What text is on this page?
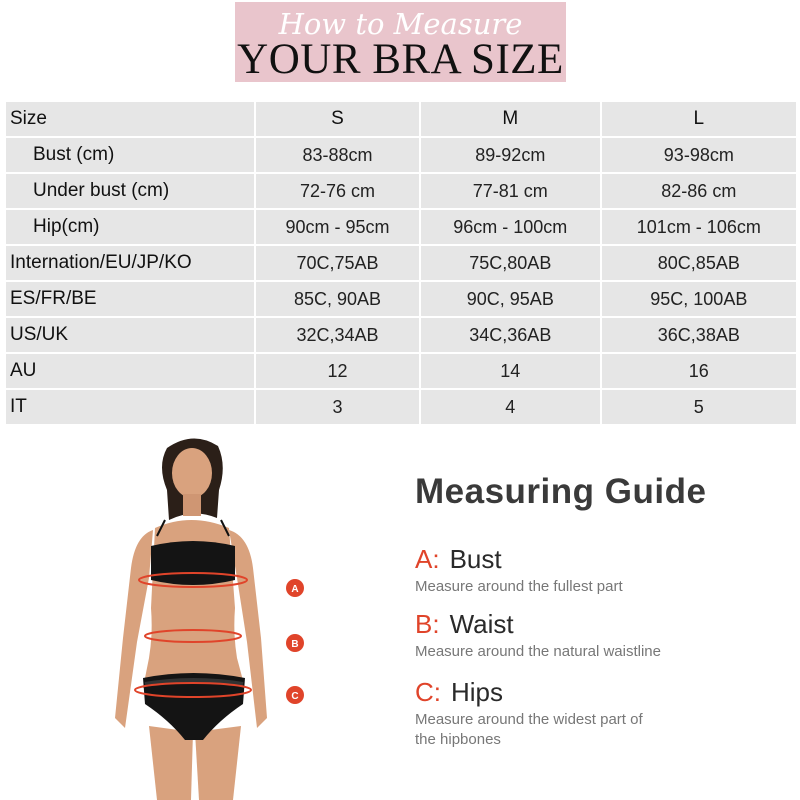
How to Measure
YOUR BRA SIZE
Size	S	M	L
Bust (cm)	83-88cm	89-92cm	93-98cm
Under bust (cm)	72-76 cm	77-81 cm	82-86 cm
Hip(cm)	90cm - 95cm	96cm - 100cm	101cm - 106cm
Internation/EU/JP/KO	70C,75AB	75C,80AB	80C,85AB
ES/FR/BE	85C, 90AB	90C, 95AB	95C, 100AB
US/UK	32C,34AB	34C,36AB	36C,38AB
AU	12	14	16
IT	3	4	5
A
B
C
Measuring Guide
A: Bust
Measure around the fullest part
B: Waist
Measure around the natural waistline
C: Hips
Measure around the widest part of the hipbones
